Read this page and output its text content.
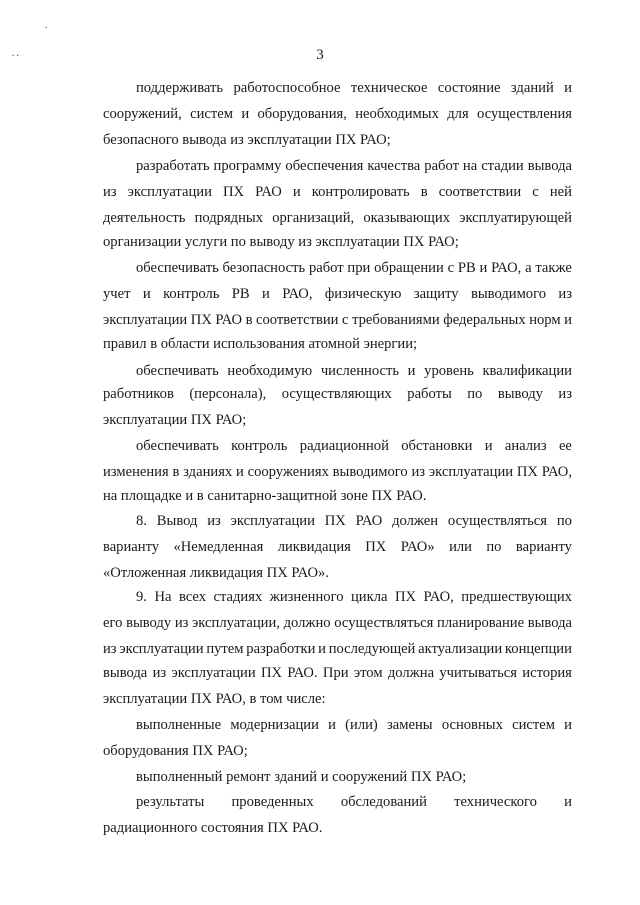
˙
˙˙	3
поддерживать работоспособное техническое состояние зданий и
сооружений, систем и оборудования, необходимых для осуществления
безопасного вывода из эксплуатации ПХ РАО;
разработать программу обеспечения качества работ на стадии вывода
из эксплуатации ПХ РАО и контролировать в соответствии с ней
деятельность подрядных организаций, оказывающих эксплуатирующей
организации услуги по выводу из эксплуатации ПХ РАО;
обеспечивать безопасность работ при обращении с РВ и РАО, а также
учет и контроль РВ и РАО, физическую защиту выводимого из
эксплуатации ПХ РАО в соответствии с требованиями федеральных норм и
правил в области использования атомной энергии;
обеспечивать необходимую численность и уровень квалификации
работников (персонала), осуществляющих работы по выводу из
эксплуатации ПХ РАО;
обеспечивать контроль радиационной обстановки и анализ ее
изменения в зданиях и сооружениях выводимого из эксплуатации ПХ РАО,
на площадке и в санитарно-защитной зоне ПХ РАО.
8. Вывод из эксплуатации ПХ РАО должен осуществляться по
варианту «Немедленная ликвидация ПХ РАО» или по варианту
«Отложенная ликвидация ПХ РАО».
9. На всех стадиях жизненного цикла ПХ РАО, предшествующих
его выводу из эксплуатации, должно осуществляться планирование вывода
из эксплуатации путем разработки и последующей актуализации концепции
вывода из эксплуатации ПХ РАО. При этом должна учитываться история
эксплуатации ПХ РАО, в том числе:
выполненные модернизации и (или) замены основных систем и
оборудования ПХ РАО;
выполненный ремонт зданий и сооружений ПХ РАО;
результаты проведенных обследований технического и
радиационного состояния ПХ РАО.
